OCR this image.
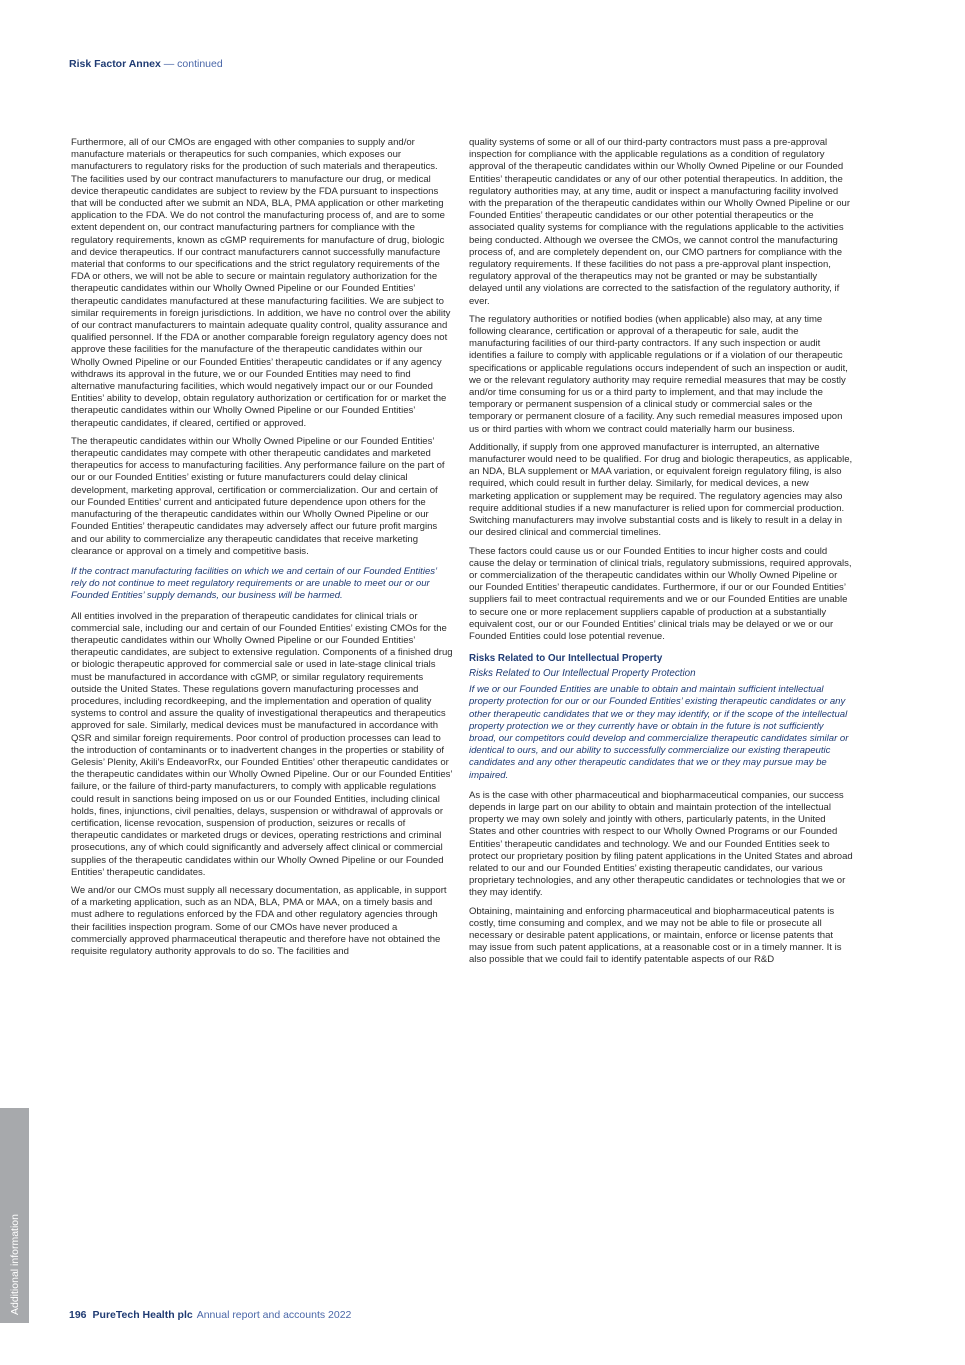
Risk Factor Annex — continued

Furthermore, all of our CMOs are engaged with other companies to supply and/or manufacture materials or therapeutics for such companies, which exposes our manufacturers to regulatory risks for the production of such materials and therapeutics. The facilities used by our contract manufacturers to manufacture our drug, or medical device therapeutic candidates are subject to review by the FDA pursuant to inspections that will be conducted after we submit an NDA, BLA, PMA application or other marketing application to the FDA. We do not control the manufacturing process of, and are to some extent dependent on, our contract manufacturing partners for compliance with the regulatory requirements, known as cGMP requirements for manufacture of drug, biologic and device therapeutics. If our contract manufacturers cannot successfully manufacture material that conforms to our specifications and the strict regulatory requirements of the FDA or others, we will not be able to secure or maintain regulatory authorization for the therapeutic candidates within our Wholly Owned Pipeline or our Founded Entities’ therapeutic candidates manufactured at these manufacturing facilities. We are subject to similar requirements in foreign jurisdictions. In addition, we have no control over the ability of our contract manufacturers to maintain adequate quality control, quality assurance and qualified personnel. If the FDA or another comparable foreign regulatory agency does not approve these facilities for the manufacture of the therapeutic candidates within our Wholly Owned Pipeline or our Founded Entities’ therapeutic candidates or if any agency withdraws its approval in the future, we or our Founded Entities may need to find alternative manufacturing facilities, which would negatively impact our or our Founded Entities’ ability to develop, obtain regulatory authorization or certification for or market the therapeutic candidates within our Wholly Owned Pipeline or our Founded Entities’ therapeutic candidates, if cleared, certified or approved.

The therapeutic candidates within our Wholly Owned Pipeline or our Founded Entities’ therapeutic candidates may compete with other therapeutic candidates and marketed therapeutics for access to manufacturing facilities. Any performance failure on the part of our or our Founded Entities’ existing or future manufacturers could delay clinical development, marketing approval, certification or commercialization. Our and certain of our Founded Entities’ current and anticipated future dependence upon others for the manufacturing of the therapeutic candidates within our Wholly Owned Pipeline or our Founded Entities’ therapeutic candidates may adversely affect our future profit margins and our ability to commercialize any therapeutic candidates that receive marketing clearance or approval on a timely and competitive basis.

If the contract manufacturing facilities on which we and certain of our Founded Entities’ rely do not continue to meet regulatory requirements or are unable to meet our or our Founded Entities’ supply demands, our business will be harmed.

All entities involved in the preparation of therapeutic candidates for clinical trials or commercial sale, including our and certain of our Founded Entities’ existing CMOs for the therapeutic candidates within our Wholly Owned Pipeline or our Founded Entities’ therapeutic candidates, are subject to extensive regulation. Components of a finished drug or biologic therapeutic approved for commercial sale or used in late-stage clinical trials must be manufactured in accordance with cGMP, or similar regulatory requirements outside the United States. These regulations govern manufacturing processes and procedures, including recordkeeping, and the implementation and operation of quality systems to control and assure the quality of investigational therapeutics and therapeutics approved for sale. Similarly, medical devices must be manufactured in accordance with QSR and similar foreign requirements. Poor control of production processes can lead to the introduction of contaminants or to inadvertent changes in the properties or stability of Gelesis’ Plenity, Akili’s EndeavorRx, our Founded Entities’ other therapeutic candidates or the therapeutic candidates within our Wholly Owned Pipeline. Our or our Founded Entities’ failure, or the failure of third-party manufacturers, to comply with applicable regulations could result in sanctions being imposed on us or our Founded Entities, including clinical holds, fines, injunctions, civil penalties, delays, suspension or withdrawal of approvals or certification, license revocation, suspension of production, seizures or recalls of therapeutic candidates or marketed drugs or devices, operating restrictions and criminal prosecutions, any of which could significantly and adversely affect clinical or commercial supplies of the therapeutic candidates within our Wholly Owned Pipeline or our Founded Entities’ therapeutic candidates.

We and/or our CMOs must supply all necessary documentation, as applicable, in support of a marketing application, such as an NDA, BLA, PMA or MAA, on a timely basis and must adhere to regulations enforced by the FDA and other regulatory agencies through their facilities inspection program. Some of our CMOs have never produced a commercially approved pharmaceutical therapeutic and therefore have not obtained the requisite regulatory authority approvals to do so. The facilities and

quality systems of some or all of our third-party contractors must pass a pre-approval inspection for compliance with the applicable regulations as a condition of regulatory approval of the therapeutic candidates within our Wholly Owned Pipeline or our Founded Entities’ therapeutic candidates or any of our other potential therapeutics. In addition, the regulatory authorities may, at any time, audit or inspect a manufacturing facility involved with the preparation of the therapeutic candidates within our Wholly Owned Pipeline or our Founded Entities’ therapeutic candidates or our other potential therapeutics or the associated quality systems for compliance with the regulations applicable to the activities being conducted. Although we oversee the CMOs, we cannot control the manufacturing process of, and are completely dependent on, our CMO partners for compliance with the regulatory requirements. If these facilities do not pass a pre-approval plant inspection, regulatory approval of the therapeutics may not be granted or may be substantially delayed until any violations are corrected to the satisfaction of the regulatory authority, if ever.

The regulatory authorities or notified bodies (when applicable) also may, at any time following clearance, certification or approval of a therapeutic for sale, audit the manufacturing facilities of our third-party contractors. If any such inspection or audit identifies a failure to comply with applicable regulations or if a violation of our therapeutic specifications or applicable regulations occurs independent of such an inspection or audit, we or the relevant regulatory authority may require remedial measures that may be costly and/or time consuming for us or a third party to implement, and that may include the temporary or permanent suspension of a clinical study or commercial sales or the temporary or permanent closure of a facility. Any such remedial measures imposed upon us or third parties with whom we contract could materially harm our business.

Additionally, if supply from one approved manufacturer is interrupted, an alternative manufacturer would need to be qualified. For drug and biologic therapeutics, as applicable, an NDA, BLA supplement or MAA variation, or equivalent foreign regulatory filing, is also required, which could result in further delay. Similarly, for medical devices, a new marketing application or supplement may be required. The regulatory agencies may also require additional studies if a new manufacturer is relied upon for commercial production. Switching manufacturers may involve substantial costs and is likely to result in a delay in our desired clinical and commercial timelines.

These factors could cause us or our Founded Entities to incur higher costs and could cause the delay or termination of clinical trials, regulatory submissions, required approvals, or commercialization of the therapeutic candidates within our Wholly Owned Pipeline or our Founded Entities’ therapeutic candidates. Furthermore, if our or our Founded Entities’ suppliers fail to meet contractual requirements and we or our Founded Entities are unable to secure one or more replacement suppliers capable of production at a substantially equivalent cost, our or our Founded Entities’ clinical trials may be delayed or we or our Founded Entities could lose potential revenue.

Risks Related to Our Intellectual Property
Risks Related to Our Intellectual Property Protection

If we or our Founded Entities are unable to obtain and maintain sufficient intellectual property protection for our or our Founded Entities’ existing therapeutic candidates or any other therapeutic candidates that we or they may identify, or if the scope of the intellectual property protection we or they currently have or obtain in the future is not sufficiently broad, our competitors could develop and commercialize therapeutic candidates similar or identical to ours, and our ability to successfully commercialize our existing therapeutic candidates and any other therapeutic candidates that we or they may pursue may be impaired.

As is the case with other pharmaceutical and biopharmaceutical companies, our success depends in large part on our ability to obtain and maintain protection of the intellectual property we may own solely and jointly with others, particularly patents, in the United States and other countries with respect to our Wholly Owned Programs or our Founded Entities’ therapeutic candidates and technology. We and our Founded Entities seek to protect our proprietary position by filing patent applications in the United States and abroad related to our and our Founded Entities’ existing therapeutic candidates, our various proprietary technologies, and any other therapeutic candidates or technologies that we or they may identify.

Obtaining, maintaining and enforcing pharmaceutical and biopharmaceutical patents is costly, time consuming and complex, and we may not be able to file or prosecute all necessary or desirable patent applications, or maintain, enforce or license patents that may issue from such patent applications, at a reasonable cost or in a timely manner. It is also possible that we could fail to identify patentable aspects of our R&D

Additional information	196 PureTech Health plc Annual report and accounts 2022
